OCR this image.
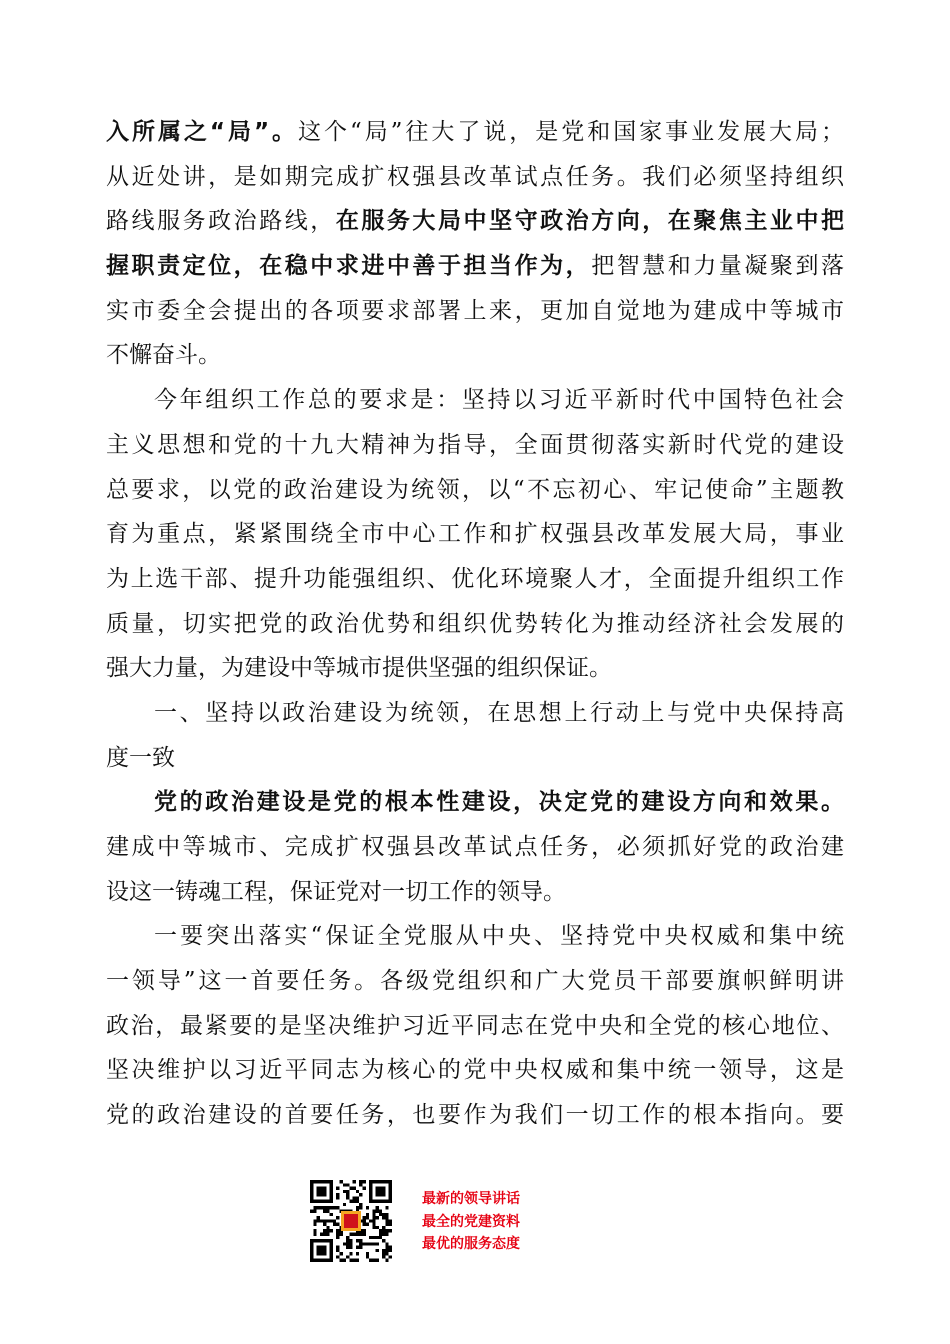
入所属之“局”。这个“局”往大了说，是党和国家事业发展大局；
从近处讲，是如期完成扩权强县改革试点任务。我们必须坚持组织
路线服务政治路线，在服务大局中坚守政治方向，在聚焦主业中把
握职责定位，在稳中求进中善于担当作为，把智慧和力量凝聚到落
实市委全会提出的各项要求部署上来，更加自觉地为建成中等城市
不懈奋斗。
今年组织工作总的要求是：坚持以习近平新时代中国特色社会
主义思想和党的十九大精神为指导，全面贯彻落实新时代党的建设
总要求，以党的政治建设为统领，以“不忘初心、牢记使命”主题教
育为重点，紧紧围绕全市中心工作和扩权强县改革发展大局，事业
为上选干部、提升功能强组织、优化环境聚人才，全面提升组织工作
质量，切实把党的政治优势和组织优势转化为推动经济社会发展的
强大力量，为建设中等城市提供坚强的组织保证。
一、坚持以政治建设为统领，在思想上行动上与党中央保持高
度一致
党的政治建设是党的根本性建设，决定党的建设方向和效果。
建成中等城市、完成扩权强县改革试点任务，必须抓好党的政治建
设这一铸魂工程，保证党对一切工作的领导。
一要突出落实“保证全党服从中央、坚持党中央权威和集中统
一领导”这一首要任务。各级党组织和广大党员干部要旗帜鲜明讲
政治，最紧要的是坚决维护习近平同志在党中央和全党的核心地位、
坚决维护以习近平同志为核心的党中央权威和集中统一领导，这是
党的政治建设的首要任务，也要作为我们一切工作的根本指向。要
最新的领导讲话
最全的党建资料
最优的服务态度
